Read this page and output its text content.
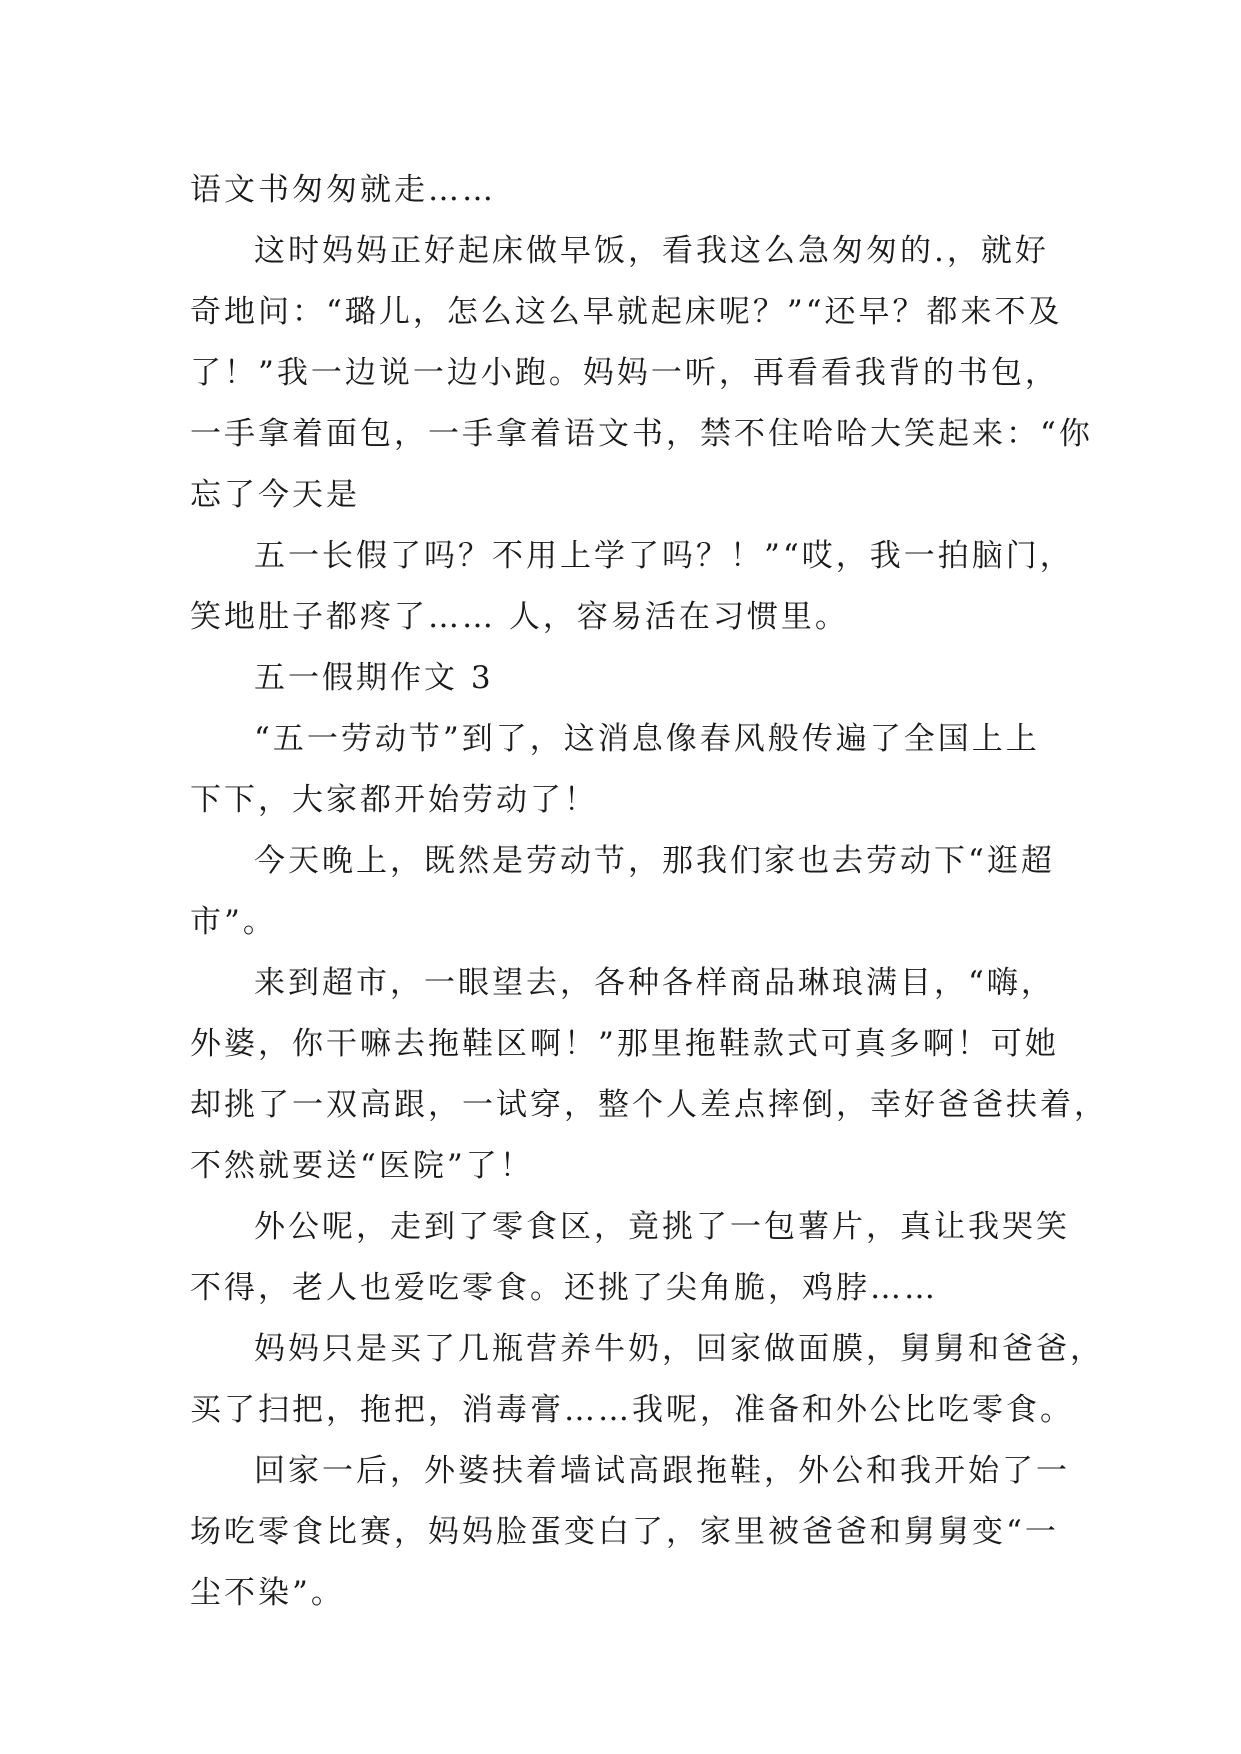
语文书匆匆就走……
这时妈妈正好起床做早饭，看我这么急匆匆的.，就好
奇地问：“璐儿，怎么这么早就起床呢？”“还早？都来不及
了！”我一边说一边小跑。妈妈一听，再看看我背的书包，
一手拿着面包，一手拿着语文书，禁不住哈哈大笑起来：“你
忘了今天是
五一长假了吗？不用上学了吗？！”“哎，我一拍脑门，
笑地肚子都疼了…… 人，容易活在习惯里。
五一假期作文 3
“五一劳动节”到了，这消息像春风般传遍了全国上上
下下，大家都开始劳动了！
今天晚上，既然是劳动节，那我们家也去劳动下“逛超
市”。
来到超市，一眼望去，各种各样商品琳琅满目，“嗨，
外婆，你干嘛去拖鞋区啊！”那里拖鞋款式可真多啊！可她
却挑了一双高跟，一试穿，整个人差点摔倒，幸好爸爸扶着，
不然就要送“医院”了！
外公呢，走到了零食区，竟挑了一包薯片，真让我哭笑
不得，老人也爱吃零食。还挑了尖角脆，鸡脖……
妈妈只是买了几瓶营养牛奶，回家做面膜，舅舅和爸爸，
买了扫把，拖把，消毒膏……我呢，准备和外公比吃零食。
回家一后，外婆扶着墙试高跟拖鞋，外公和我开始了一
场吃零食比赛，妈妈脸蛋变白了，家里被爸爸和舅舅变“一
尘不染”。
